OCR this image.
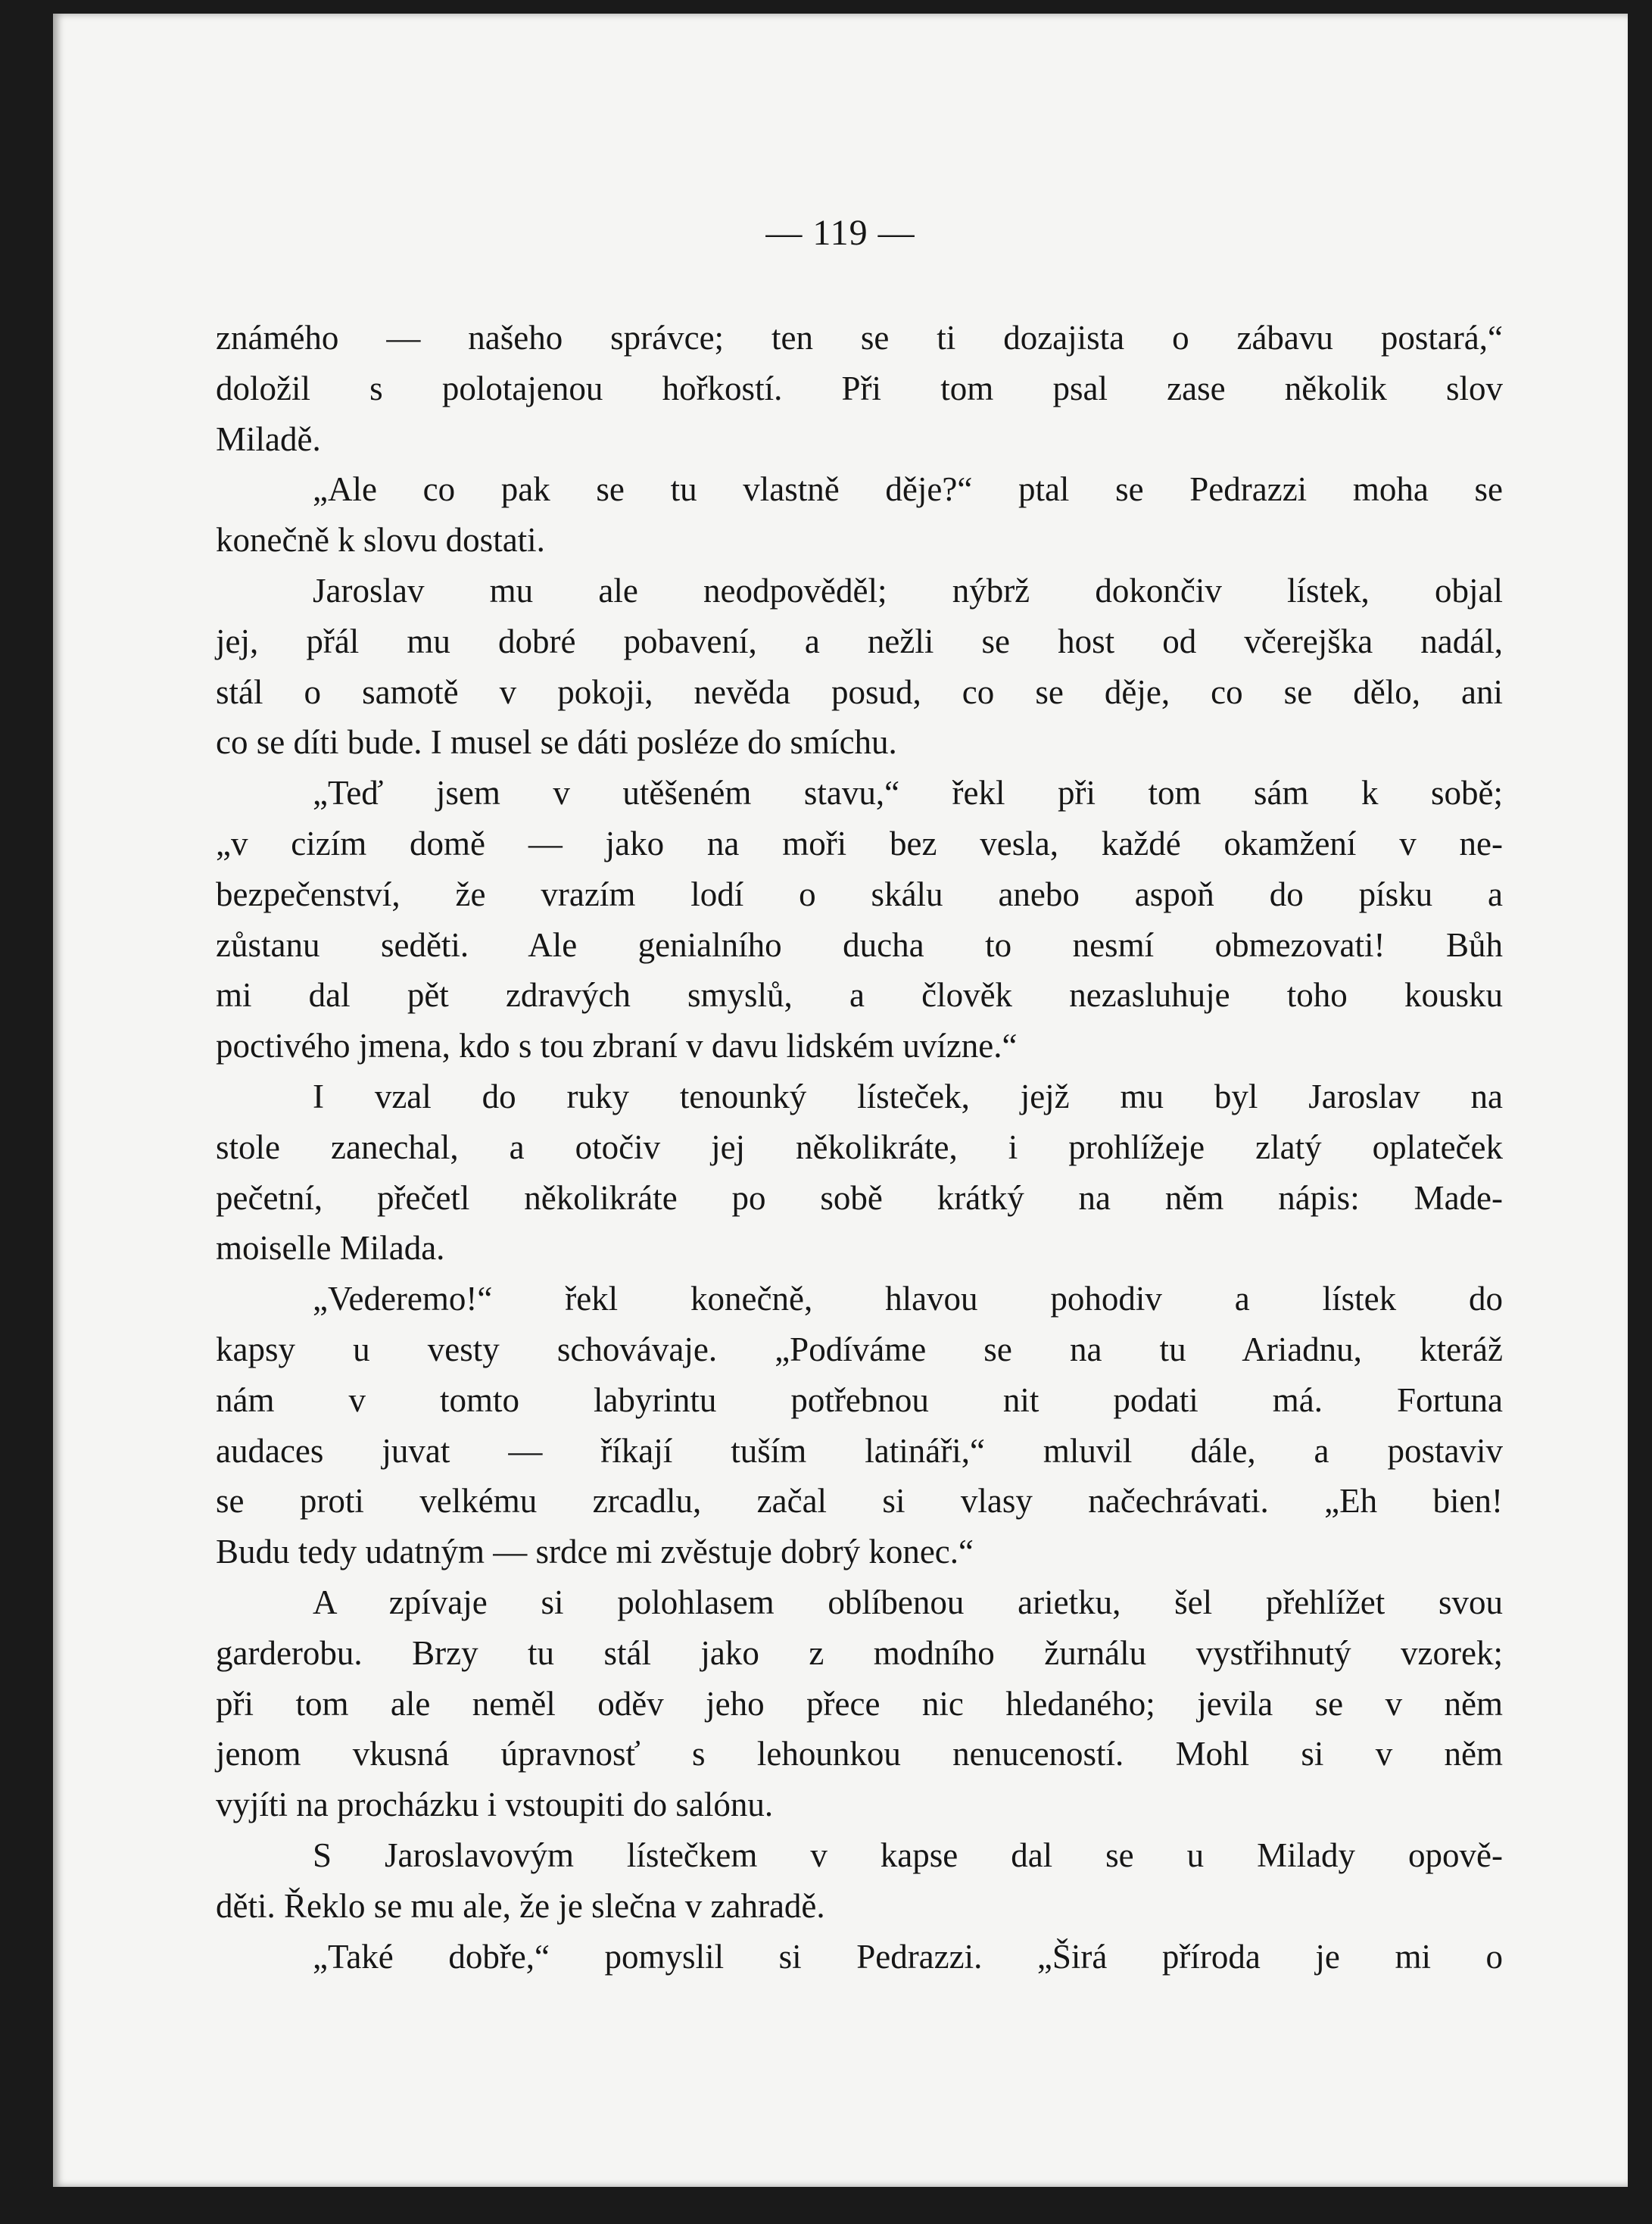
— 119 —
známého — našeho správce; ten se ti dozajista o zábavu postará,“
doložil s polotajenou hořkostí. Při tom psal zase několik slov
Miladě.
„Ale co pak se tu vlastně děje?“ ptal se Pedrazzi moha se
konečně k slovu dostati.
Jaroslav mu ale neodpověděl; nýbrž dokončiv lístek, objal
jej, přál mu dobré pobavení, a nežli se host od včerejška nadál,
stál o samotě v pokoji, nevěda posud, co se děje, co se dělo, ani
co se díti bude. I musel se dáti posléze do smíchu.
„Teď jsem v utěšeném stavu,“ řekl při tom sám k sobě;
„v cizím domě — jako na moři bez vesla, každé okamžení v ne-
bezpečenství, že vrazím lodí o skálu anebo aspoň do písku a
zůstanu seděti. Ale genialního ducha to nesmí obmezovati! Bůh
mi dal pět zdravých smyslů, a člověk nezasluhuje toho kousku
poctivého jmena, kdo s tou zbraní v davu lidském uvízne.“
I vzal do ruky tenounký lísteček, jejž mu byl Jaroslav na
stole zanechal, a otočiv jej několikráte, i prohlížeje zlatý oplateček
pečetní, přečetl několikráte po sobě krátký na něm nápis: Made-
moiselle Milada.
„Vederemo!“ řekl konečně, hlavou pohodiv a lístek do
kapsy u vesty schovávaje. „Podíváme se na tu Ariadnu, kteráž
nám v tomto labyrintu potřebnou nit podati má. Fortuna
audaces juvat — říkají tuším latináři,“ mluvil dále, a postaviv
se proti velkému zrcadlu, začal si vlasy načechrávati. „Eh bien!
Budu tedy udatným — srdce mi zvěstuje dobrý konec.“
A zpívaje si polohlasem oblíbenou arietku, šel přehlížet svou
garderobu. Brzy tu stál jako z modního žurnálu vystřihnutý vzorek;
při tom ale neměl oděv jeho přece nic hledaného; jevila se v něm
jenom vkusná úpravnosť s lehounkou nenuceností. Mohl si v něm
vyjíti na procházku i vstoupiti do salónu.
S Jaroslavovým lístečkem v kapse dal se u Milady opově-
děti. Řeklo se mu ale, že je slečna v zahradě.
„Také dobře,“ pomyslil si Pedrazzi. „Širá příroda je mi o
